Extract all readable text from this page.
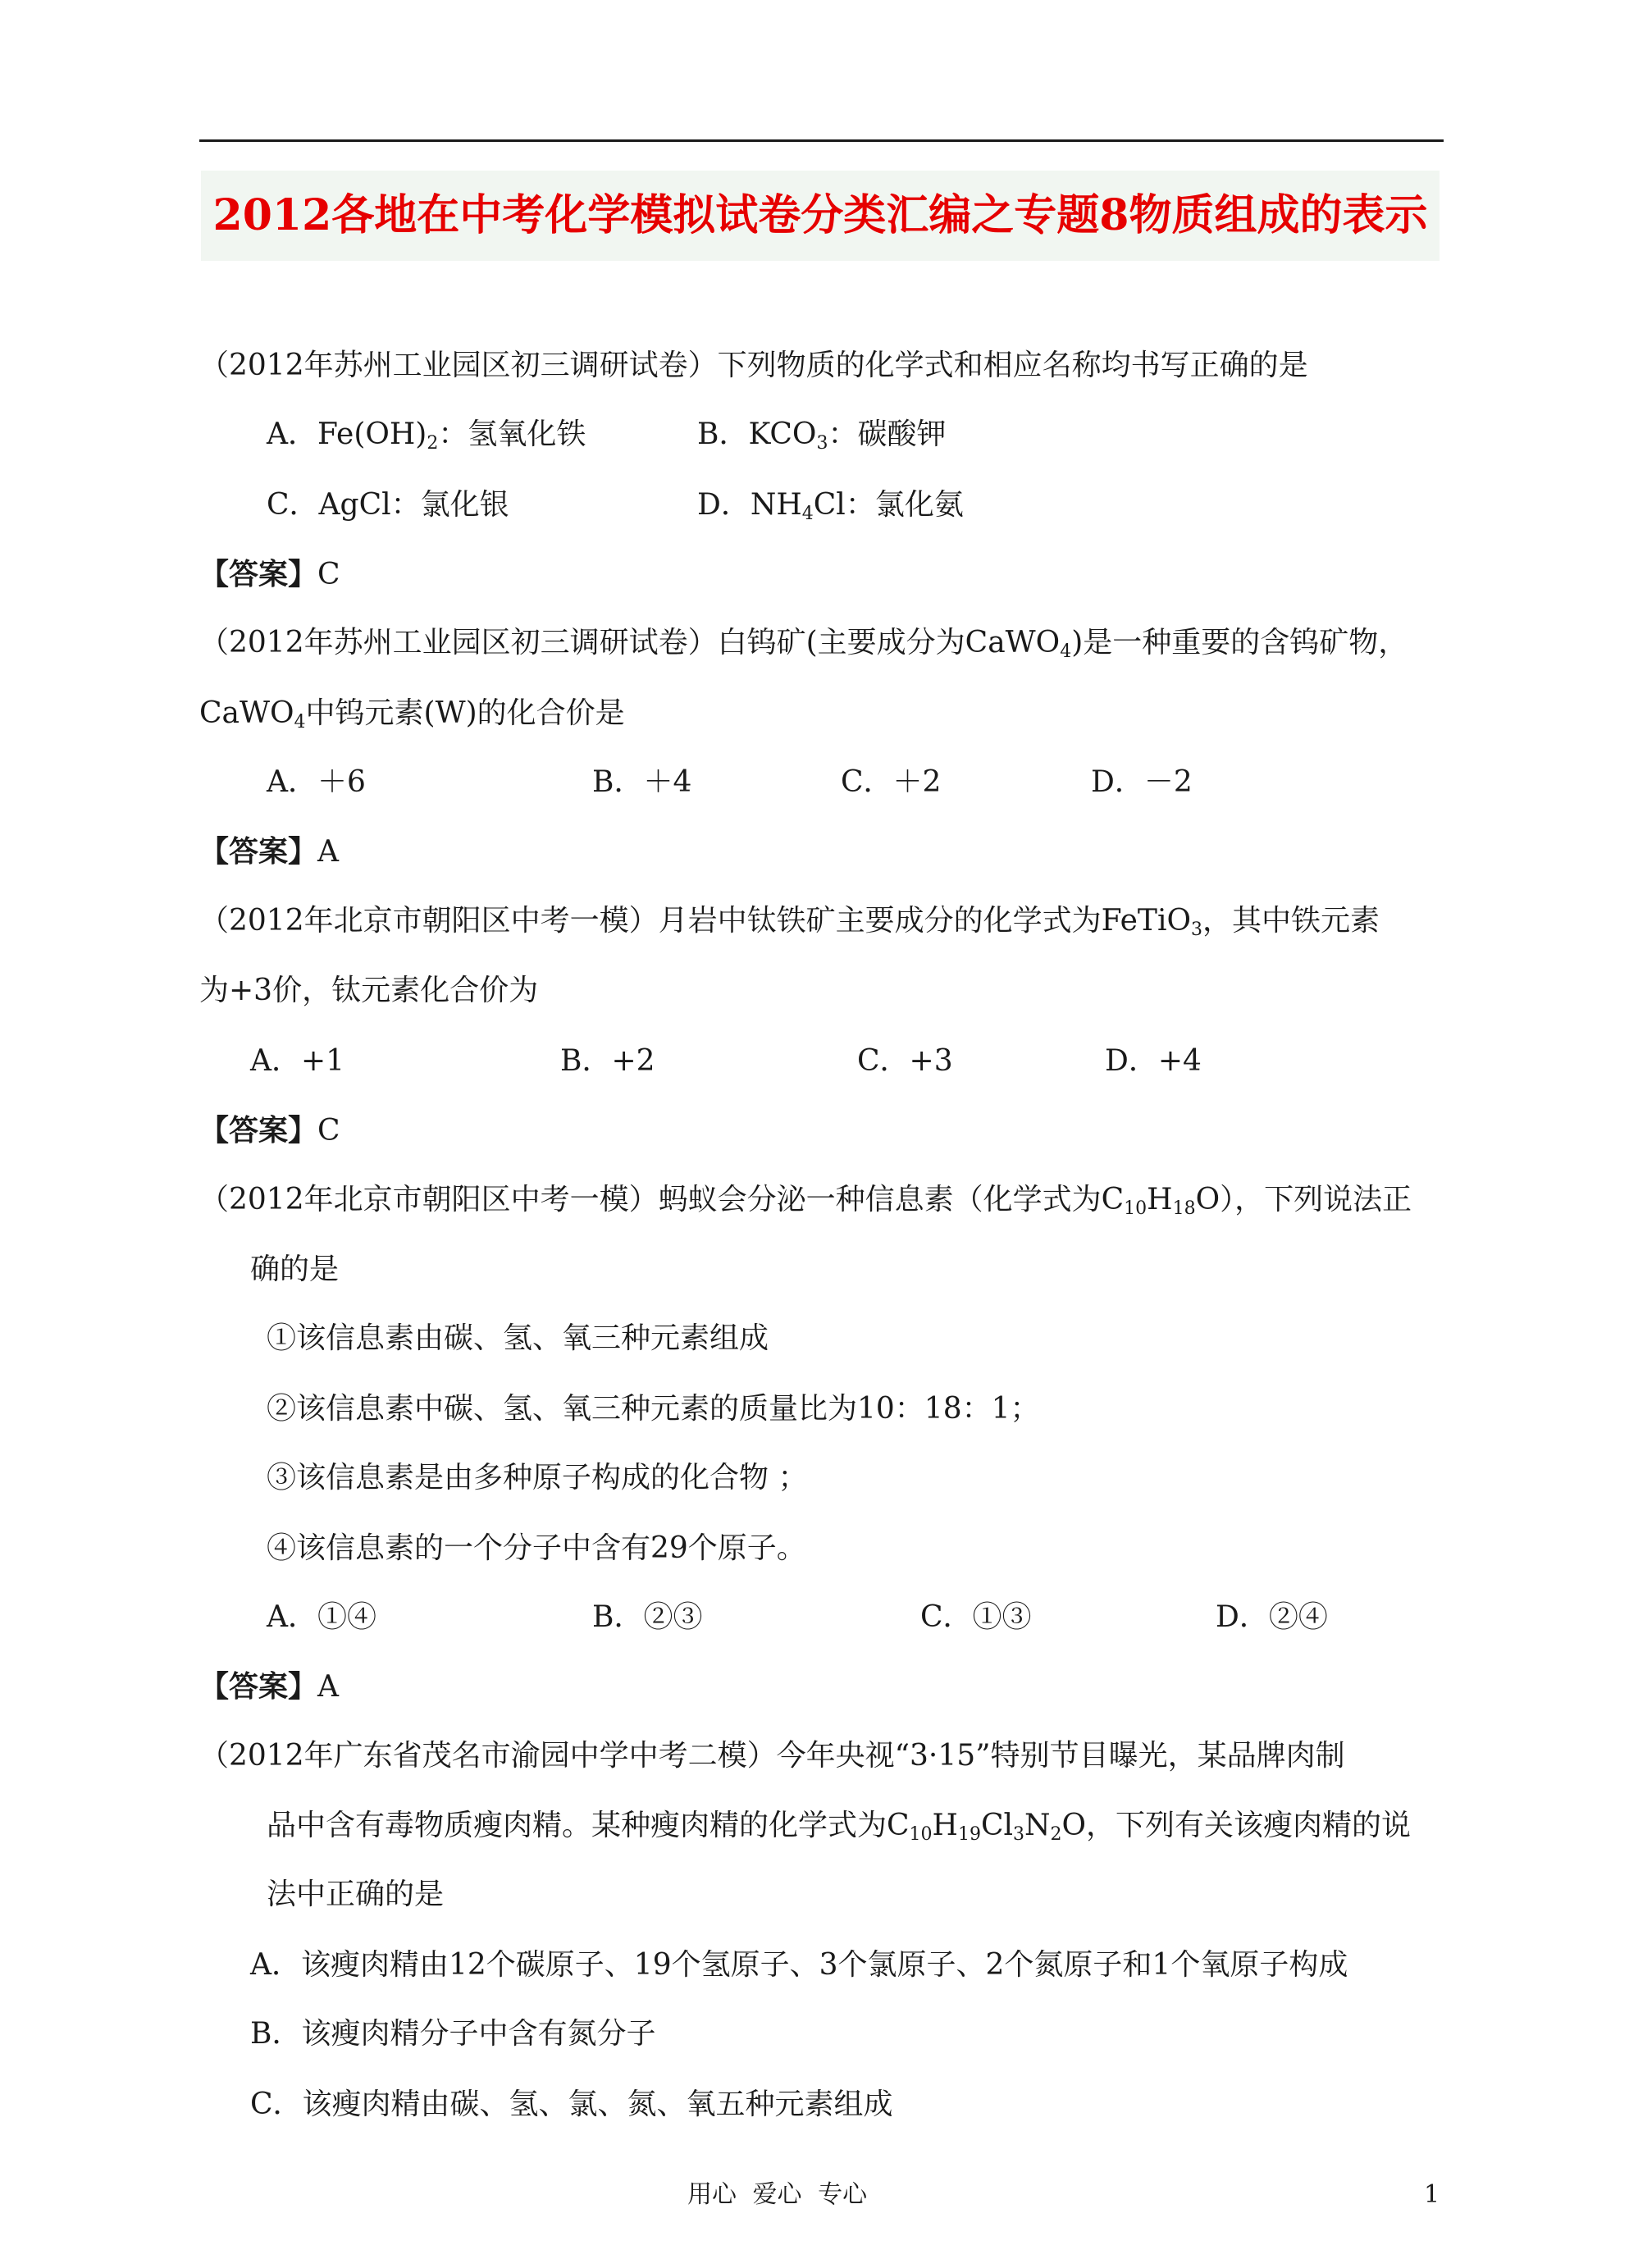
2012各地在中考化学模拟试卷分类汇编之专题8物质组成的表示
（2012年苏州工业园区初三调研试卷）下列物质的化学式和相应名称均书写正确的是
A．$Fe(OH)_2$：氢氧化铁	B．$KCO_3$：碳酸钾
C．AgCl：氯化银	D．$NH_4Cl$：氯化氨
【答案】C
（2012年苏州工业园区初三调研试卷）白钨矿(主要成分为CaWO$_4$)是一种重要的含钨矿物，
CaWO$_4$中钨元素(W)的化合价是
A．＋6	B．＋4	C．＋2	D．－2
【答案】A
（2012年北京市朝阳区中考一模）月岩中钛铁矿主要成分的化学式为FeTiO$_3$，其中铁元素
为+3价，钛元素化合价为
A．+1	B．+2	C．+3	D．+4
【答案】C
（2012年北京市朝阳区中考一模）蚂蚁会分泌一种信息素（化学式为$C_{10}H_{18}O$），下列说法正
确的是
①该信息素由碳、氢、氧三种元素组成
②该信息素中碳、氢、氧三种元素的质量比为10：18：1；
③该信息素是由多种原子构成的化合物 ；
④该信息素的一个分子中含有29个原子。
A．①④	B．②③	C．①③	D．②④
【答案】A
（2012年广东省茂名市渝园中学中考二模）今年央视“3·15”特别节目曝光，某品牌肉制
品中含有毒物质瘦肉精。某种瘦肉精的化学式为$C_{10}H_{19}Cl_3N_2O$，下列有关该瘦肉精的说
法中正确的是
A．该瘦肉精由12个碳原子、19个氢原子、3个氯原子、2个氮原子和1个氧原子构成
B．该瘦肉精分子中含有氮分子
C．该瘦肉精由碳、氢、氯、氮、氧五种元素组成
用心 爱心 专心	1
